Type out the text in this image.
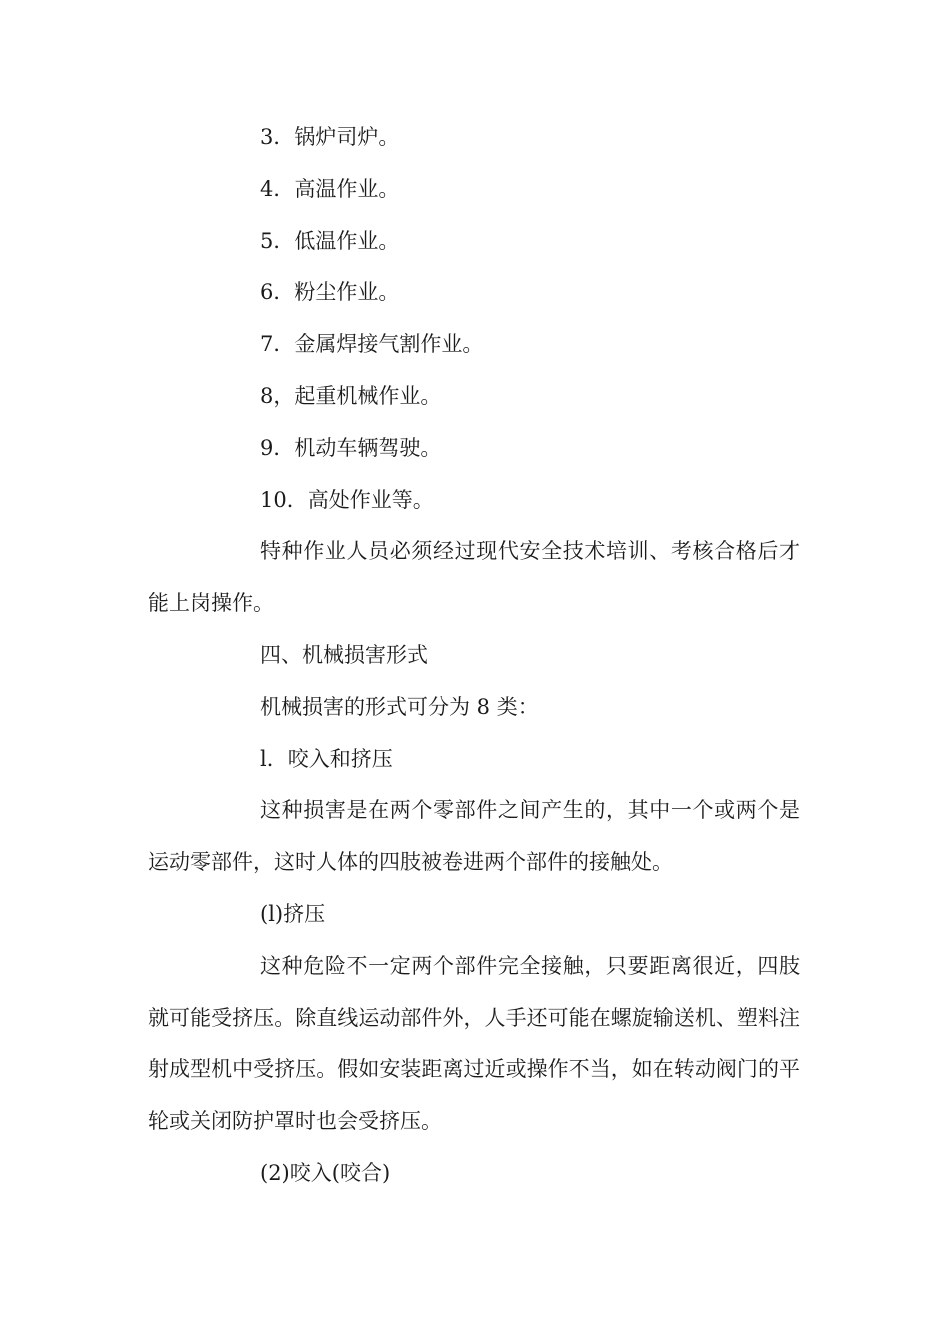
3．锅炉司炉。

4．高温作业。

5．低温作业。

6．粉尘作业。

7．金属焊接气割作业。

8，起重机械作业。

9．机动车辆驾驶。

10．高处作业等。

特种作业人员必须经过现代安全技术培训、考核合格后才能上岗操作。

四、机械损害形式

机械损害的形式可分为 8 类：

l．咬入和挤压

这种损害是在两个零部件之间产生的，其中一个或两个是运动零部件，这时人体的四肢被卷进两个部件的接触处。

(l)挤压

这种危险不一定两个部件完全接触，只要距离很近，四肢就可能受挤压。除直线运动部件外，人手还可能在螺旋输送机、塑料注射成型机中受挤压。假如安装距离过近或操作不当，如在转动阀门的平轮或关闭防护罩时也会受挤压。

(2)咬入(咬合)
